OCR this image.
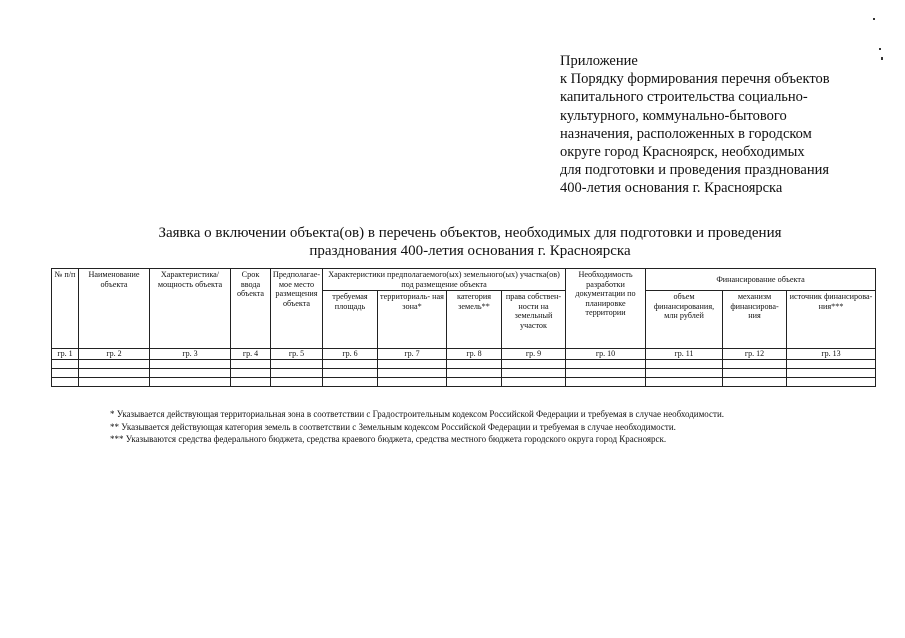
Приложение
к Порядку формирования перечня объектов
капитального строительства социально-
культурного, коммунально-бытового
назначения, расположенных в городском
округе город Красноярск, необходимых
для подготовки и проведения празднования
400-летия основания г. Красноярска
Заявка о включении объекта(ов) в перечень объектов, необходимых для подготовки и проведения
празднования 400-летия основания г. Красноярска
№ п/п	Наименование объекта	Характеристика/ мощность объекта	Срок ввода объекта	Предполагае- мое место размещения объекта	Характеристики предполагаемого(ых) земельного(ых) участка(ов) под размещение объекта				Необходимость разработки документации по планировке территории	Финансирование объекта		
					требуемая площадь	территориаль- ная зона*	категория земель**	права собствен- ности на земельный участок		объем финансирования, млн рублей	механизм финансирова- ния	источник финансирова- ния***
гр. 1	гр. 2	гр. 3	гр. 4	гр. 5	гр. 6	гр. 7	гр. 8	гр. 9	гр. 10	гр. 11	гр. 12	гр. 13

* Указывается действующая территориальная зона в соответствии с Градостроительным кодексом Российской Федерации и требуемая в случае необходимости.
** Указывается действующая категория земель в соответствии с Земельным кодексом Российской Федерации и требуемая в случае необходимости.
*** Указываются средства федерального бюджета, средства краевого бюджета, средства местного бюджета городского округа город Красноярск.
